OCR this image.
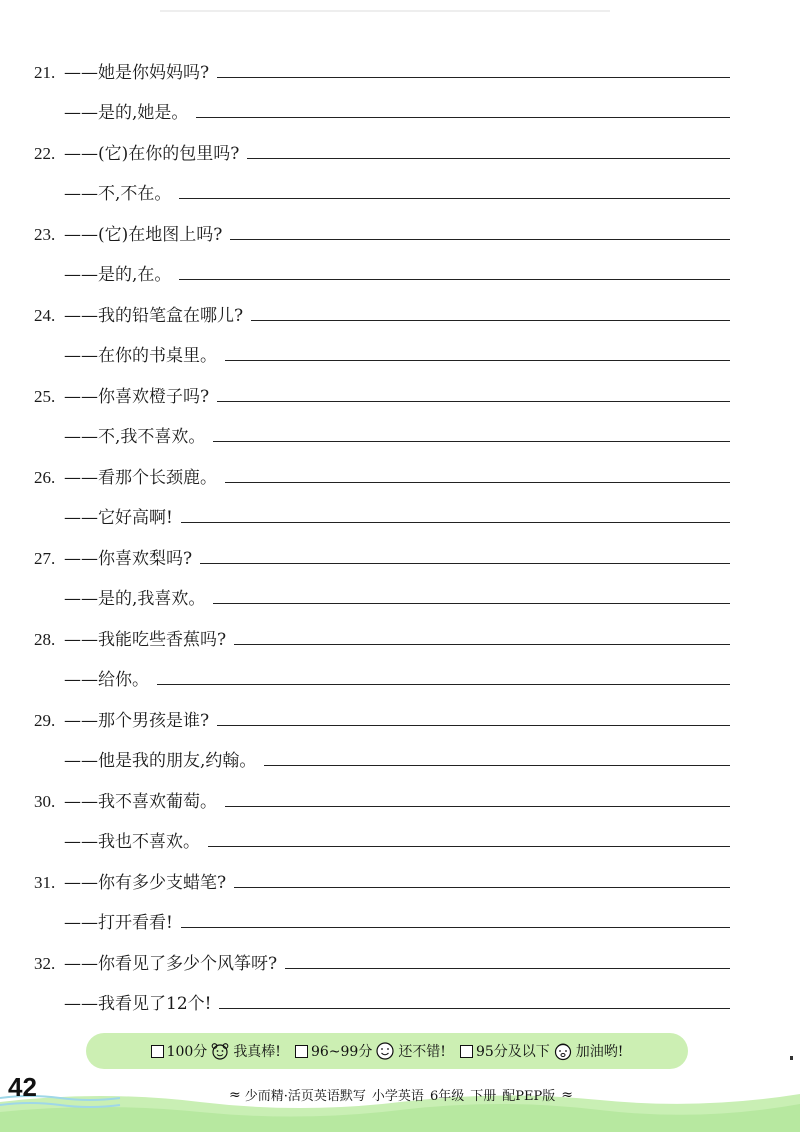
21. ——她是你妈妈吗?
——是的,她是。
22. ——(它)在你的包里吗?
——不,不在。
23. ——(它)在地图上吗?
——是的,在。
24. ——我的铅笔盒在哪儿?
——在你的书桌里。
25. ——你喜欢橙子吗?
——不,我不喜欢。
26. ——看那个长颈鹿。
——它好高啊!
27. ——你喜欢梨吗?
——是的,我喜欢。
28. ——我能吃些香蕉吗?
——给你。
29. ——那个男孩是谁?
——他是我的朋友,约翰。
30. ——我不喜欢葡萄。
——我也不喜欢。
31. ——你有多少支蜡笔?
——打开看看!
32. ——你看见了多少个风筝呀?
——我看见了12个!
100分 我真棒! 96~99分 还不错! 95分及以下 加油哟!
42	≈ 少而精·活页英语默写 小学英语 6年级 下册 配PEP版 ≈
